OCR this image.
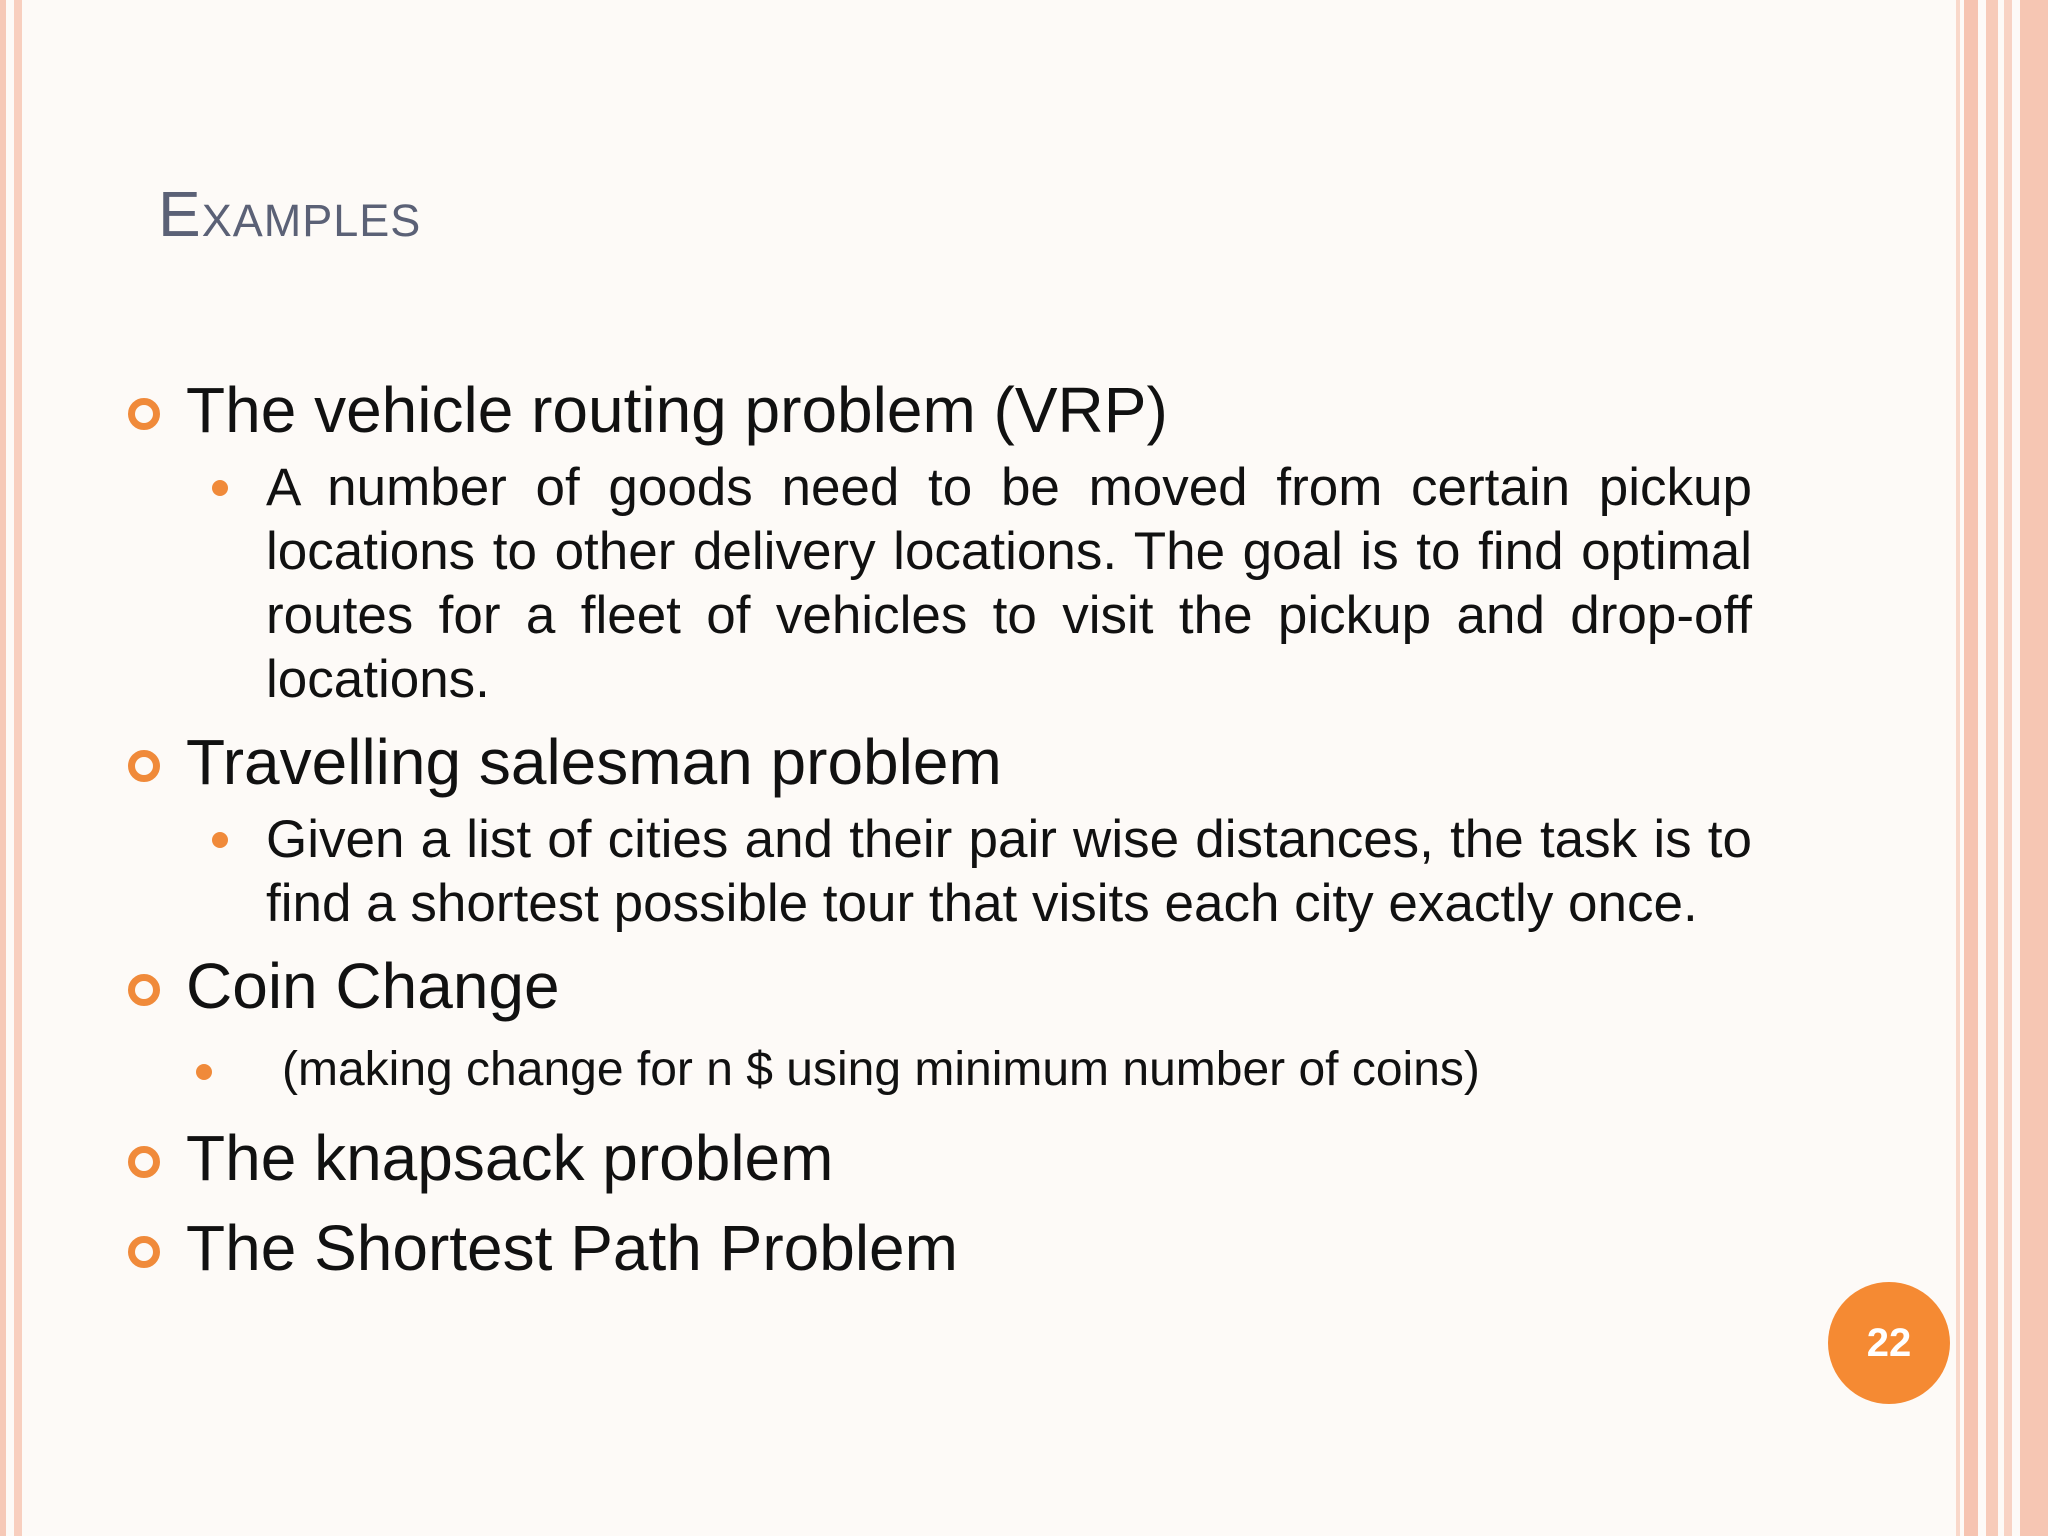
Examples
The vehicle routing problem (VRP)
A number of goods need to be moved from certain pickup locations to other delivery locations. The goal is to find optimal routes for a fleet of vehicles to visit the pickup and drop-off locations.
Travelling salesman problem
Given a list of cities and their pair wise distances, the task is to find a shortest possible tour that visits each city exactly once.
Coin Change
(making change for n $ using minimum number of coins)
The knapsack problem
The Shortest Path Problem
22
